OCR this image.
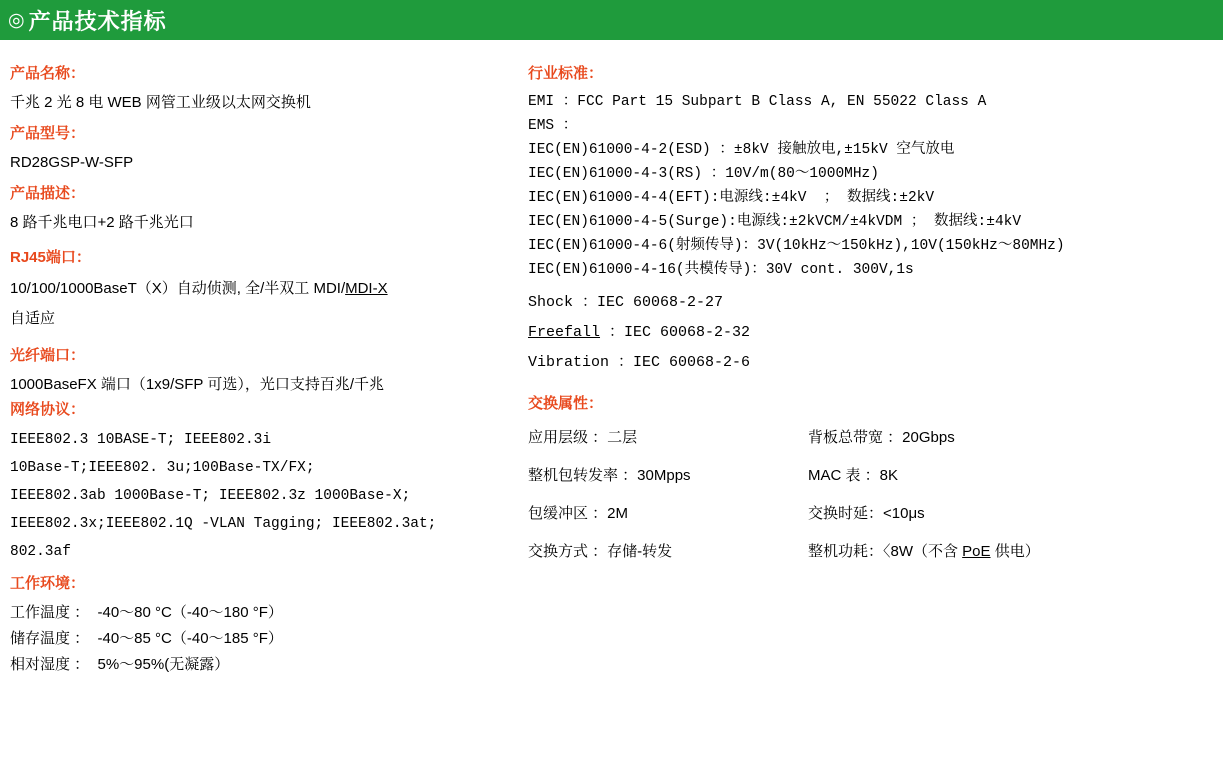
◎ 产品技术指标
产品名称：
千兆 2 光 8 电 WEB 网管工业级以太网交换机
产品型号：
RD28GSP-W-SFP
产品描述：
8 路千兆电口+2 路千兆光口
RJ45端口：
10/100/1000BaseT（X）自动侦测, 全/半双工 MDI/MDI-X
自适应
光纤端口：
1000BaseFX 端口（1x9/SFP 可选），光口支持百兆/千兆
网络协议：
IEEE802.3 10BASE-T; IEEE802.3i
10Base-T;IEEE802. 3u;100Base-TX/FX;
IEEE802.3ab 1000Base-T; IEEE802.3z 1000Base-X;
IEEE802.3x;IEEE802.1Q -VLAN Tagging; IEEE802.3at;
802.3af
工作环境：
工作温度 ：  -40～80 °C（-40～180 °F）
储存温度 ：  -40～85 °C（-40～185 °F）
相对湿度 ：  5%～95%(无凝露）
行业标准：
EMI ：FCC Part 15 Subpart B Class A, EN 55022 Class A
EMS ：
IEC(EN)61000-4-2(ESD) ：±8kV 接触放电,±15kV 空气放电
IEC(EN)61000-4-3(RS) ：10V/m(80～1000MHz)
IEC(EN)61000-4-4(EFT):电源线:±4kV  ； 数据线:±2kV
IEC(EN)61000-4-5(Surge):电源线:±2kVCM/±4kVDM ； 数据线:±4kV
IEC(EN)61000-4-6(射频传导)：3V(10kHz～150kHz),10V(150kHz～80MHz)
IEC(EN)61000-4-16(共模传导)：30V cont. 300V,1s
Shock ：IEC 60068-2-27
Freefall ：IEC 60068-2-32
Vibration ：IEC 60068-2-6
交换属性：
应用层级 ：二层	背板总带宽 ：20Gbps
整机包转发率 ：30Mpps	MAC 表 ：8K
包缓冲区 ：2M	交换时延：<10μs
交换方式 ：存储-转发	整机功耗：〈8W（不含 PoE 供电）
